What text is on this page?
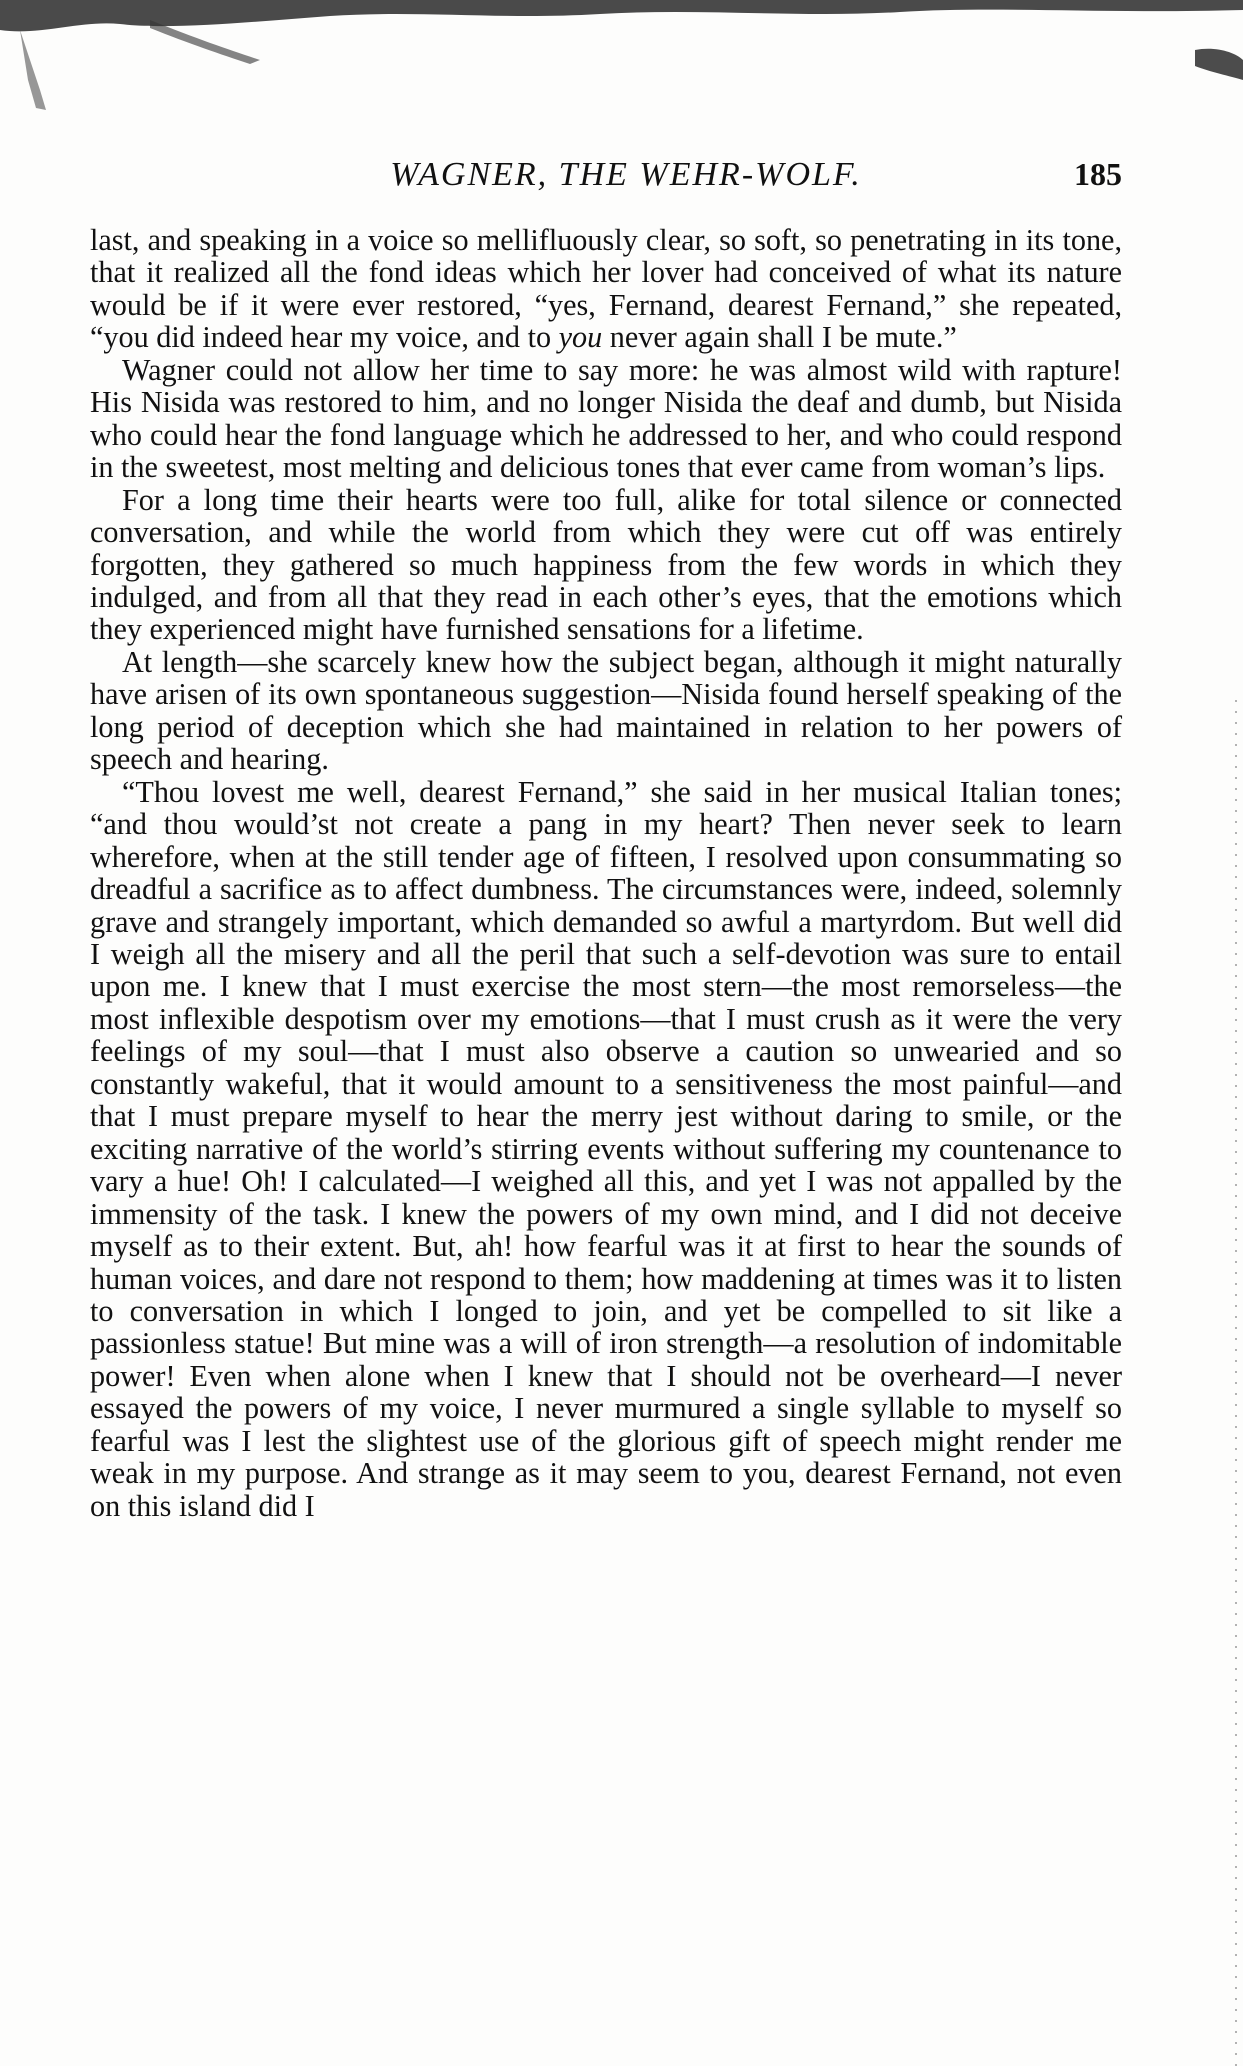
WAGNER, THE WEHR-WOLF.	185

last, and speaking in a voice so mellifluously clear, so soft, so penetrating in its tone, that it realized all the fond ideas which her lover had conceived of what its nature would be if it were ever restored, “yes, Fernand, dearest Fernand,” she repeated, “you did indeed hear my voice, and to you never again shall I be mute.”

Wagner could not allow her time to say more: he was almost wild with rapture! His Nisida was restored to him, and no longer Nisida the deaf and dumb, but Nisida who could hear the fond language which he addressed to her, and who could respond in the sweetest, most melting and delicious tones that ever came from woman’s lips.

For a long time their hearts were too full, alike for total silence or connected conversation, and while the world from which they were cut off was entirely forgotten, they gathered so much happiness from the few words in which they indulged, and from all that they read in each other’s eyes, that the emotions which they experienced might have furnished sensations for a lifetime.

At length—she scarcely knew how the subject began, although it might naturally have arisen of its own spontaneous suggestion—Nisida found herself speaking of the long period of deception which she had maintained in relation to her powers of speech and hearing.

“Thou lovest me well, dearest Fernand,” she said in her musical Italian tones; “and thou would’st not create a pang in my heart? Then never seek to learn wherefore, when at the still tender age of fifteen, I resolved upon consummating so dreadful a sacrifice as to affect dumbness. The circumstances were, indeed, solemnly grave and strangely important, which demanded so awful a martyrdom. But well did I weigh all the misery and all the peril that such a self-devotion was sure to entail upon me. I knew that I must exercise the most stern—the most remorseless—the most inflexible despotism over my emotions—that I must crush as it were the very feelings of my soul—that I must also observe a caution so unwearied and so constantly wakeful, that it would amount to a sensitiveness the most painful—and that I must prepare myself to hear the merry jest without daring to smile, or the exciting narrative of the world’s stirring events without suffering my countenance to vary a hue! Oh! I calculated—I weighed all this, and yet I was not appalled by the immensity of the task. I knew the powers of my own mind, and I did not deceive myself as to their extent. But, ah! how fearful was it at first to hear the sounds of human voices, and dare not respond to them; how maddening at times was it to listen to conversation in which I longed to join, and yet be compelled to sit like a passionless statue! But mine was a will of iron strength—a resolution of indomitable power! Even when alone when I knew that I should not be overheard—I never essayed the powers of my voice, I never murmured a single syllable to myself so fearful was I lest the slightest use of the glorious gift of speech might render me weak in my purpose. And strange as it may seem to you, dearest Fernand, not even on this island did I
